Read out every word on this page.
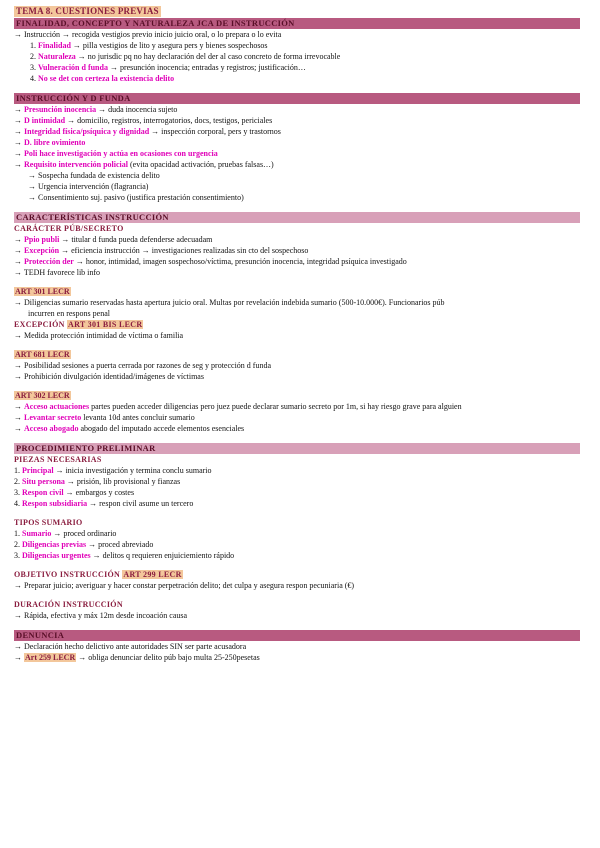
TEMA 8. CUESTIONES PREVIAS
FINALIDAD, CONCEPTO Y NATURALEZA JCA DE INSTRUCCIÓN
→ Instrucción → recogida vestigios previo inicio juicio oral, o lo prepara o lo evita
1. Finalidad → pilla vestigios de lito y asegura pers y bienes sospechosos
2. Naturaleza → no jurisdic pq no hay declaración del der al caso concreto de forma irrevocable
3. Vulneración d funda → presunción inocencia; entradas y registros; justificación…
4. No se det con certeza la existencia delito
INSTRUCCIÓN Y D FUNDA
→ Presunción inocencia → duda inocencia sujeto
→ D intimidad → domicilio, registros, interrogatorios, docs, testigos, periciales
→ Integridad física/psíquica y dignidad → inspección corporal, pers y trastornos
→ D. libre ovimiento
→ Poli hace investigación y actúa en ocasiones con urgencia
→ Requisito intervención policial (evita opacidad activación, pruebas falsas…)
→ Sospecha fundada de existencia delito
→ Urgencia intervención (flagrancia)
→ Consentimiento suj. pasivo (justifica prestación consentimiento)
CARACTERÍSTICAS INSTRUCCIÓN
CARÁCTER PÚB/SECRETO
→ Ppio publi → titular d funda pueda defenderse adecuadam
→ Excepción → eficiencia instrucción → investigaciones realizadas sin cto del sospechoso
→ Protección der → honor, intimidad, imagen sospechoso/víctima, presunción inocencia, integridad psíquica investigado
→ TEDH favorece lib info
ART 301 LECR
→ Diligencias sumario reservadas hasta apertura juicio oral. Multas por revelación indebida sumario (500-10.000€). Funcionarios púb
incurren en respons penal
EXCEPCIÓN ART 301 BIS LECR
→ Medida protección intimidad de víctima o familia
ART 681 LECR
→ Posibilidad sesiones a puerta cerrada por razones de seg y protección d funda
→ Prohibición divulgación identidad/imágenes de víctimas
ART 302 LECR
→ Acceso actuaciones partes pueden acceder diligencias pero juez puede declarar sumario secreto por 1m, si hay riesgo grave para alguien
→ Levantar secreto levanta 10d antes concluir sumario
→ Acceso abogado abogado del imputado accede elementos esenciales
PROCEDIMIENTO PRELIMINAR
PIEZAS NECESARIAS
1. Principal → inicia investigación y termina conclu sumario
2. Situ persona → prisión, lib provisional y fianzas
3. Respon civil → embargos y costes
4. Respon subsidiaria → respon civil asume un tercero
TIPOS SUMARIO
1. Sumario → proced ordinario
2. Diligencias previas → proced abreviado
3. Diligencias urgentes → delitos q requieren enjuiciemiento rápido
OBJETIVO INSTRUCCIÓN ART 299 LECR
→ Preparar juicio; averiguar y hacer constar perpetración delito; det culpa y asegura respon pecuniaria (€)
DURACIÓN INSTRUCCIÓN
→ Rápida, efectiva y máx 12m desde incoación causa
DENUNCIA
→ Declaración hecho delictivo ante autoridades SIN ser parte acusadora
→ Art 259 LECR → obliga denunciar delito púb bajo multa 25-250pesetas
